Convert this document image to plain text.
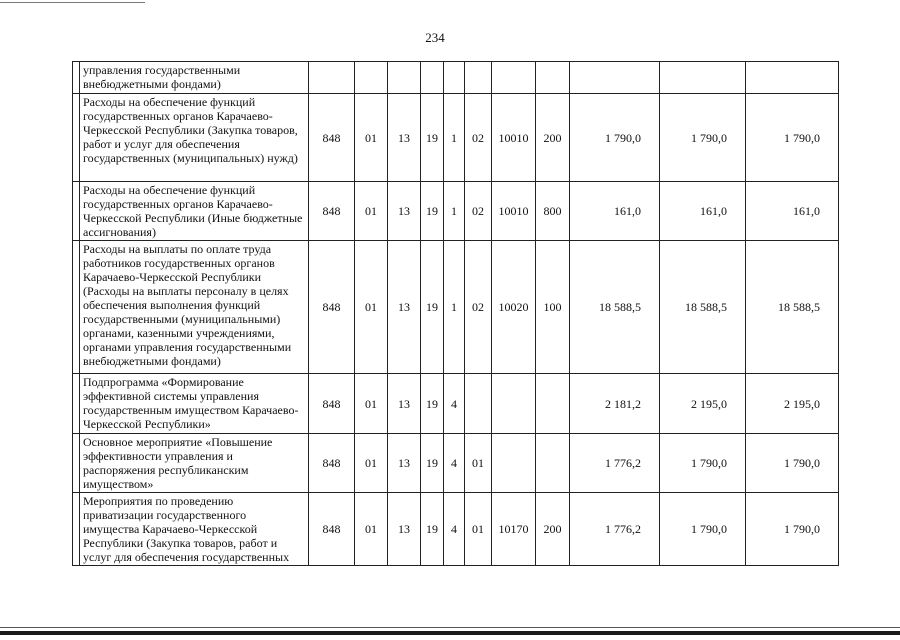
234
	управления государственными внебюджетными фондами)											
	Расходы на обеспечение функций государственных органов Карачаево-Черкесской Республики (Закупка товаров, работ и услуг для обеспечения государственных (муниципальных) нужд)	848	01	13	19	1	02	10010	200	1 790,0	1 790,0	1 790,0
	Расходы на обеспечение функций государственных органов Карачаево-Черкесской Республики (Иные бюджетные ассигнования)	848	01	13	19	1	02	10010	800	161,0	161,0	161,0
	Расходы на выплаты по оплате труда работников государственных органов Карачаево-Черкесской Республики (Расходы на выплаты персоналу в целях обеспечения выполнения функций государственными (муниципальными) органами, казенными учреждениями, органами управления государственными внебюджетными фондами)	848	01	13	19	1	02	10020	100	18 588,5	18 588,5	18 588,5
	Подпрограмма «Формирование эффективной системы управления государственным имуществом Карачаево-Черкесской Республики»	848	01	13	19	4				2 181,2	2 195,0	2 195,0
	Основное мероприятие «Повышение эффективности управления и распоряжения республиканским имуществом»	848	01	13	19	4	01			1 776,2	1 790,0	1 790,0
	Мероприятия по проведению приватизации государственного имущества Карачаево-Черкесской Республики (Закупка товаров, работ и услуг для обеспечения государственных	848	01	13	19	4	01	10170	200	1 776,2	1 790,0	1 790,0
